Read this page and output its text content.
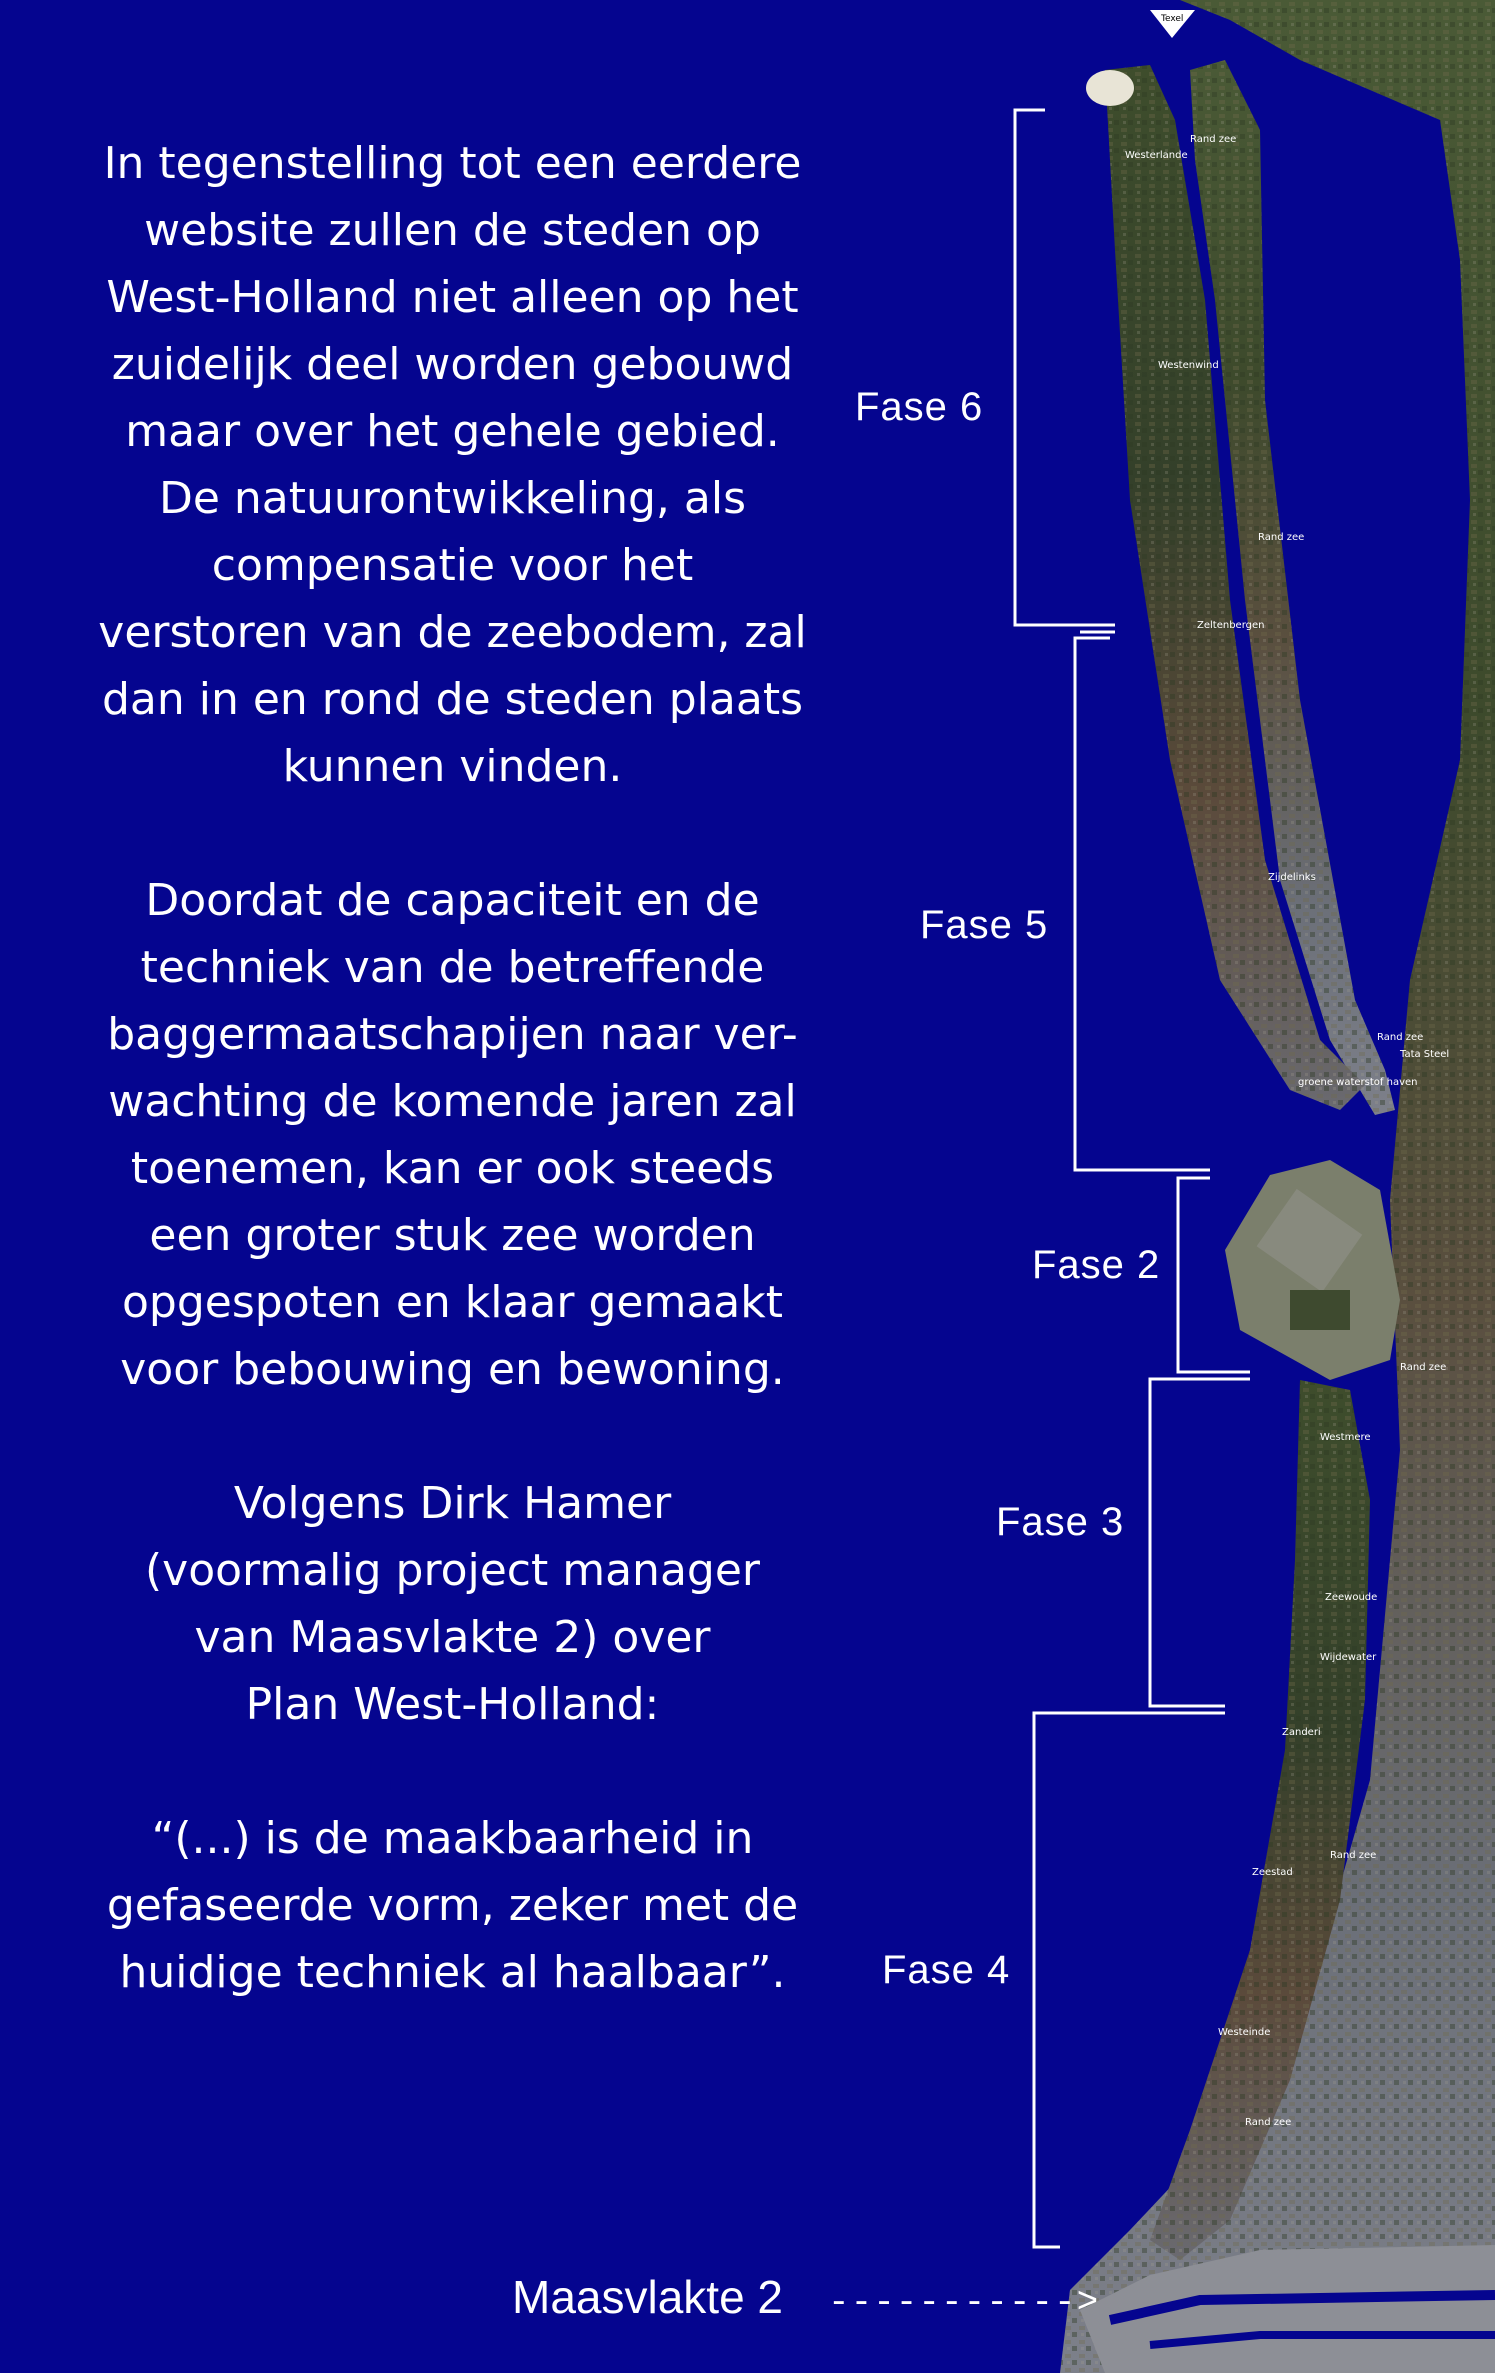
In tegenstelling tot een eerdere
website zullen de steden op
West-Holland niet alleen op het
zuidelijk deel worden gebouwd
maar over het gehele gebied.
De natuurontwikkeling, als
compensatie voor het
verstoren van de zeebodem, zal
dan in en rond de steden plaats
kunnen vinden.

Doordat de capaciteit en de
techniek van de betreffende
baggermaatschapijen naar ver-
wachting de komende jaren zal
toenemen, kan er ook steeds
een groter stuk zee worden
opgespoten en klaar gemaakt
voor bebouwing en bewoning.

Volgens Dirk Hamer
(voormalig project manager
van Maasvlakte 2) over
Plan West-Holland:

“(...) is de maakbaarheid in
gefaseerde vorm, zeker met de
huidige techniek al haalbaar”.

Texel
Westerlande
Rand zee
Westenwind
Rand zee
Zeltenbergen
Zijdelinks
Rand zee
Tata Steel
groene waterstof haven
Rand zee
Westmere
Zeewoude
Wijdewater
Zanderi
Rand zee
Zeestad
Westeinde
Rand zee
Fase 6
Fase 5
Fase 2
Fase 3
Fase 4
Maasvlakte 2 ----------->
